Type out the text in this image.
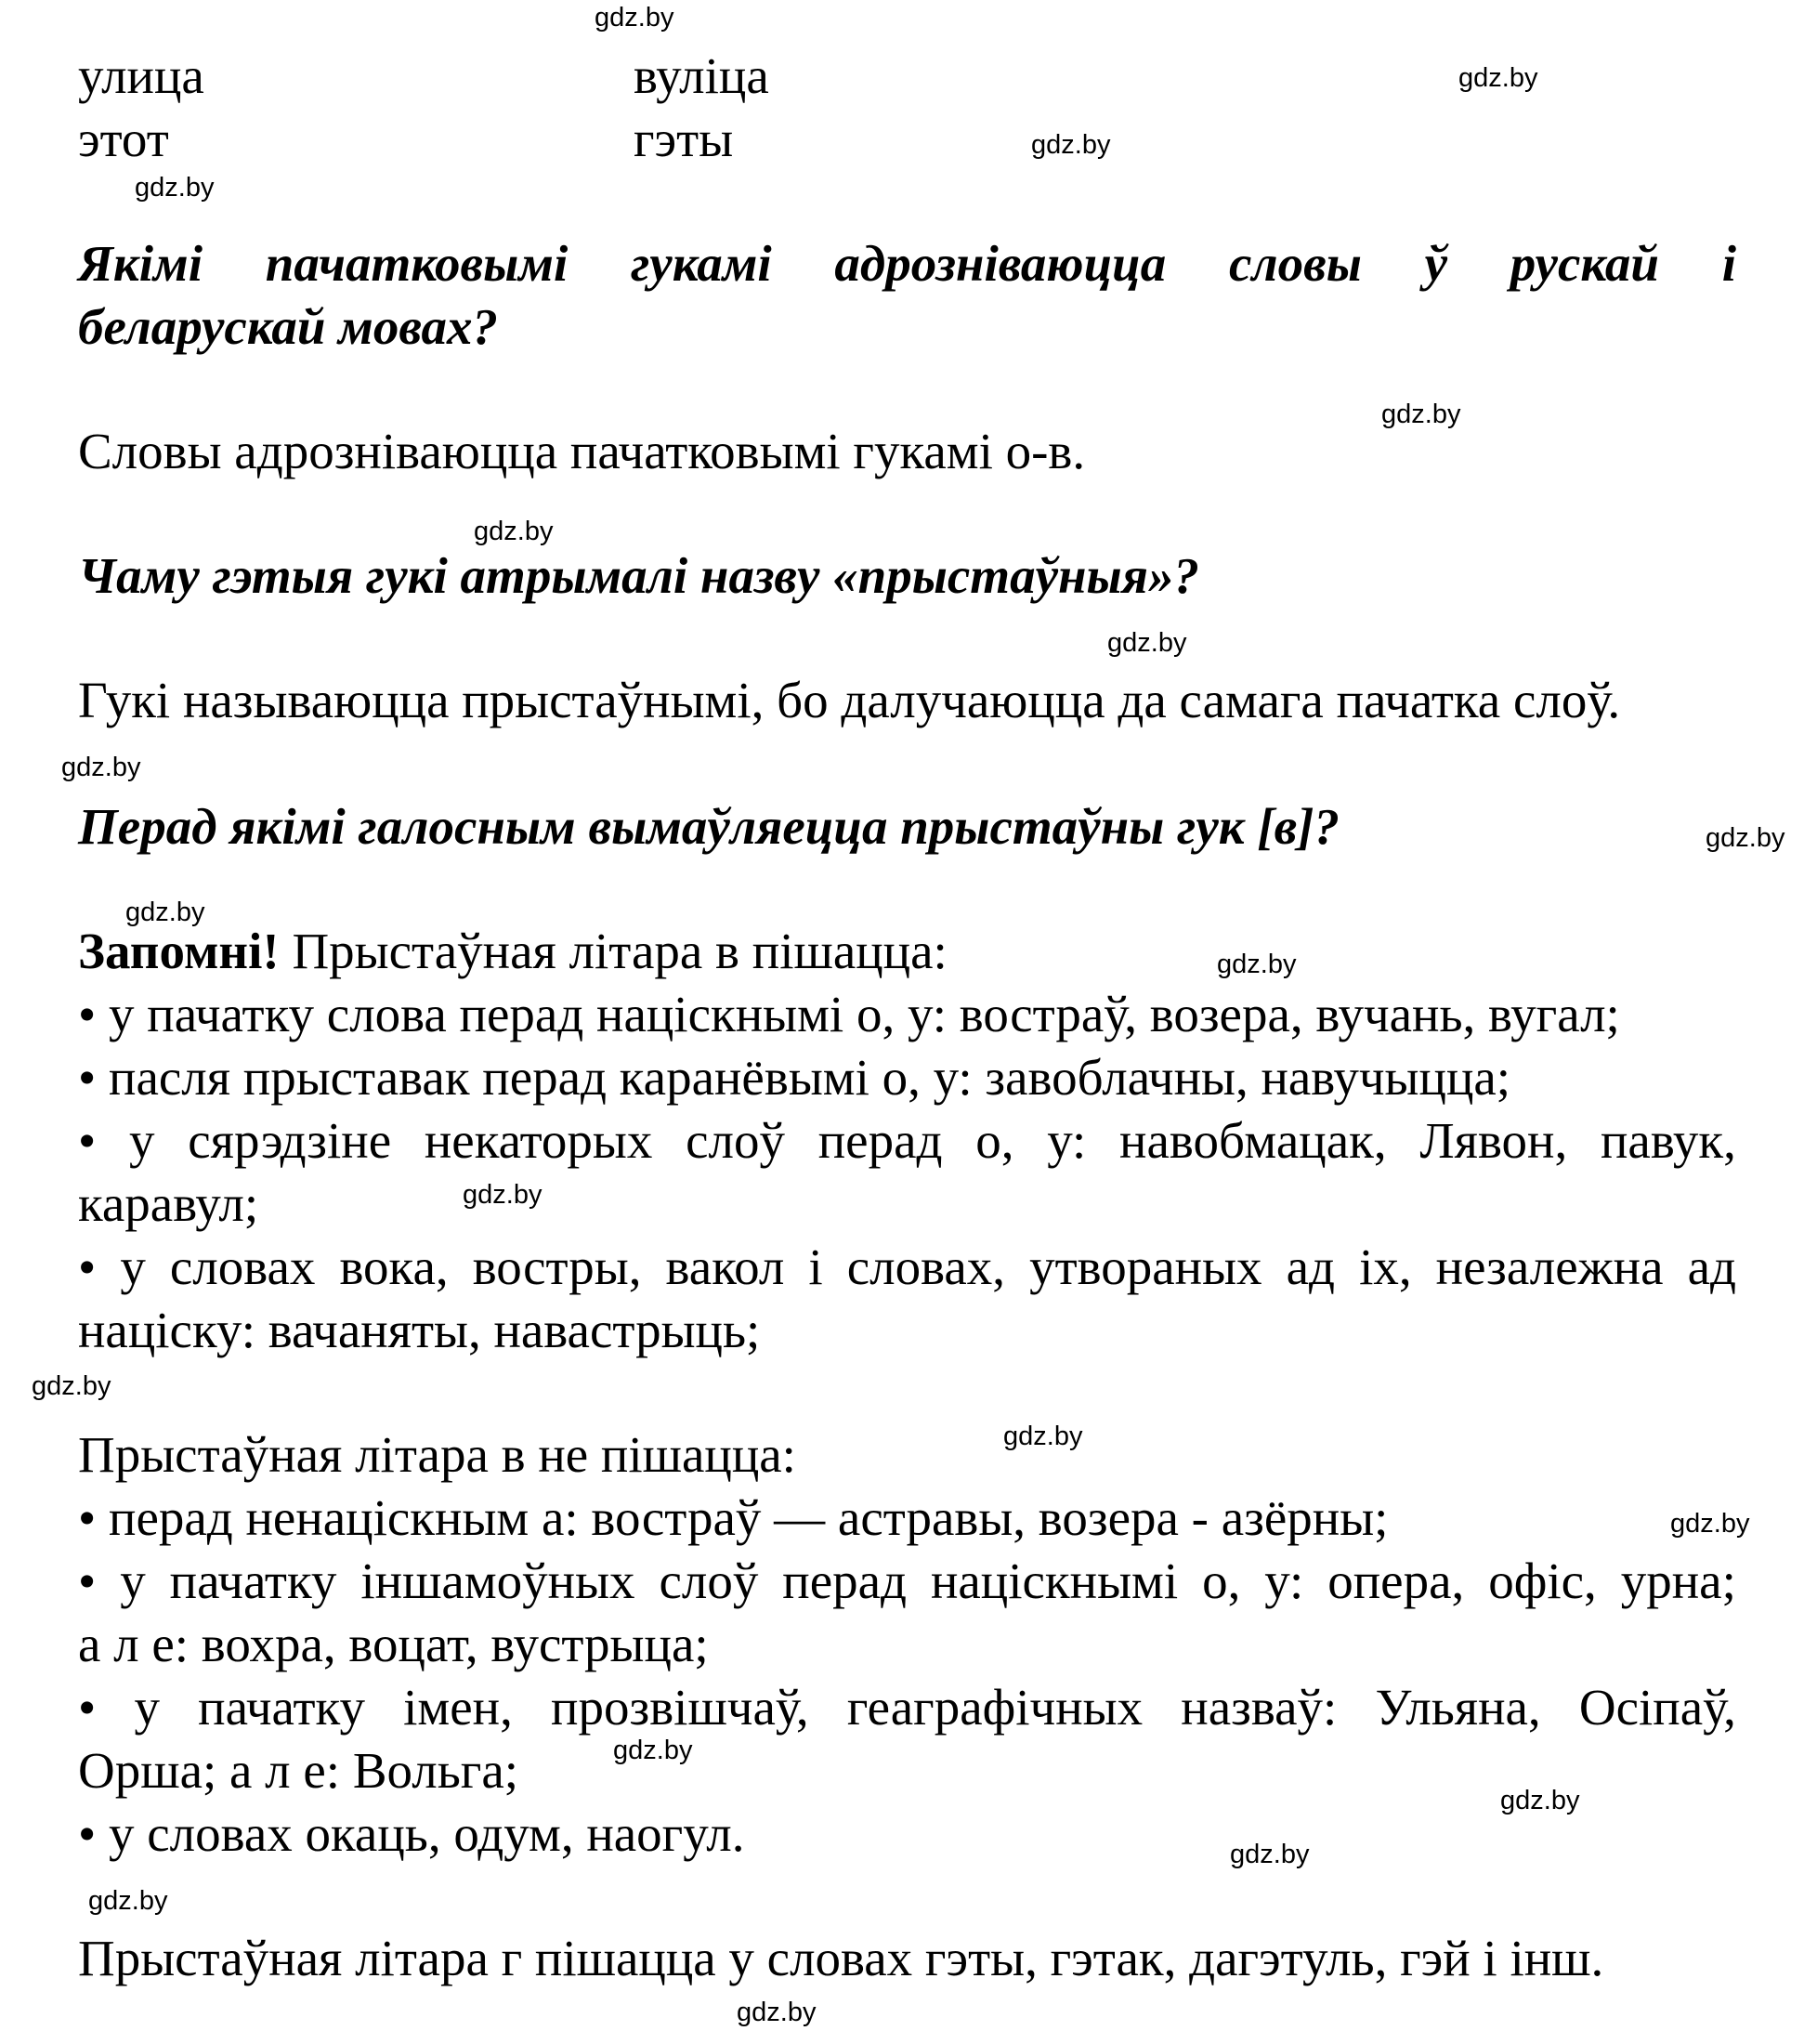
улица	вуліца
этот	гэты
Якімі пачатковымі гукамі адрозніваюцца словы ў рускай і
беларускай мовах?
Словы адрозніваюцца пачатковымі гукамі о-в.
Чаму гэтыя гукі атрымалі назву «прыстаўныя»?
Гукі называюцца прыстаўнымі, бо далучаюцца да самага пачатка слоў.
Перад якімі галосным вымаўляецца прыстаўны гук [в]?
Запомні! Прыстаўная літара в пішацца:
• у пачатку слова перад націскнымі о, у: востраў, возера, вучань, вугал;
• пасля прыставак перад каранёвымі о, у: завоблачны, навучыцца;
• у сярэдзіне некаторых слоў перад о, у: навобмацак, Лявон, павук,
каравул;
• у словах вока, востры, вакол і словах, утвораных ад іх, незалежна ад
націску: вачаняты, навастрыць;
Прыстаўная літара в не пішацца:
• перад ненаціскным а: востраў — астравы, возера - азёрны;
• у пачатку іншамоўных слоў перад націскнымі о, у: опера, офіс, урна;
а л е: вохра, воцат, вустрыца;
• у пачатку імен, прозвішчаў, геаграфічных назваў: Ульяна, Осіпаў,
Орша; а л е: Вольга;
• у словах окаць, одум, наогул.
Прыстаўная літара г пішацца у словах гэты, гэтак, дагэтуль, гэй і інш.
gdz.by
gdz.by
gdz.by
gdz.by
gdz.by
gdz.by
gdz.by
gdz.by
gdz.by
gdz.by
gdz.by
gdz.by
gdz.by
gdz.by
gdz.by
gdz.by
gdz.by
gdz.by
gdz.by
gdz.by
